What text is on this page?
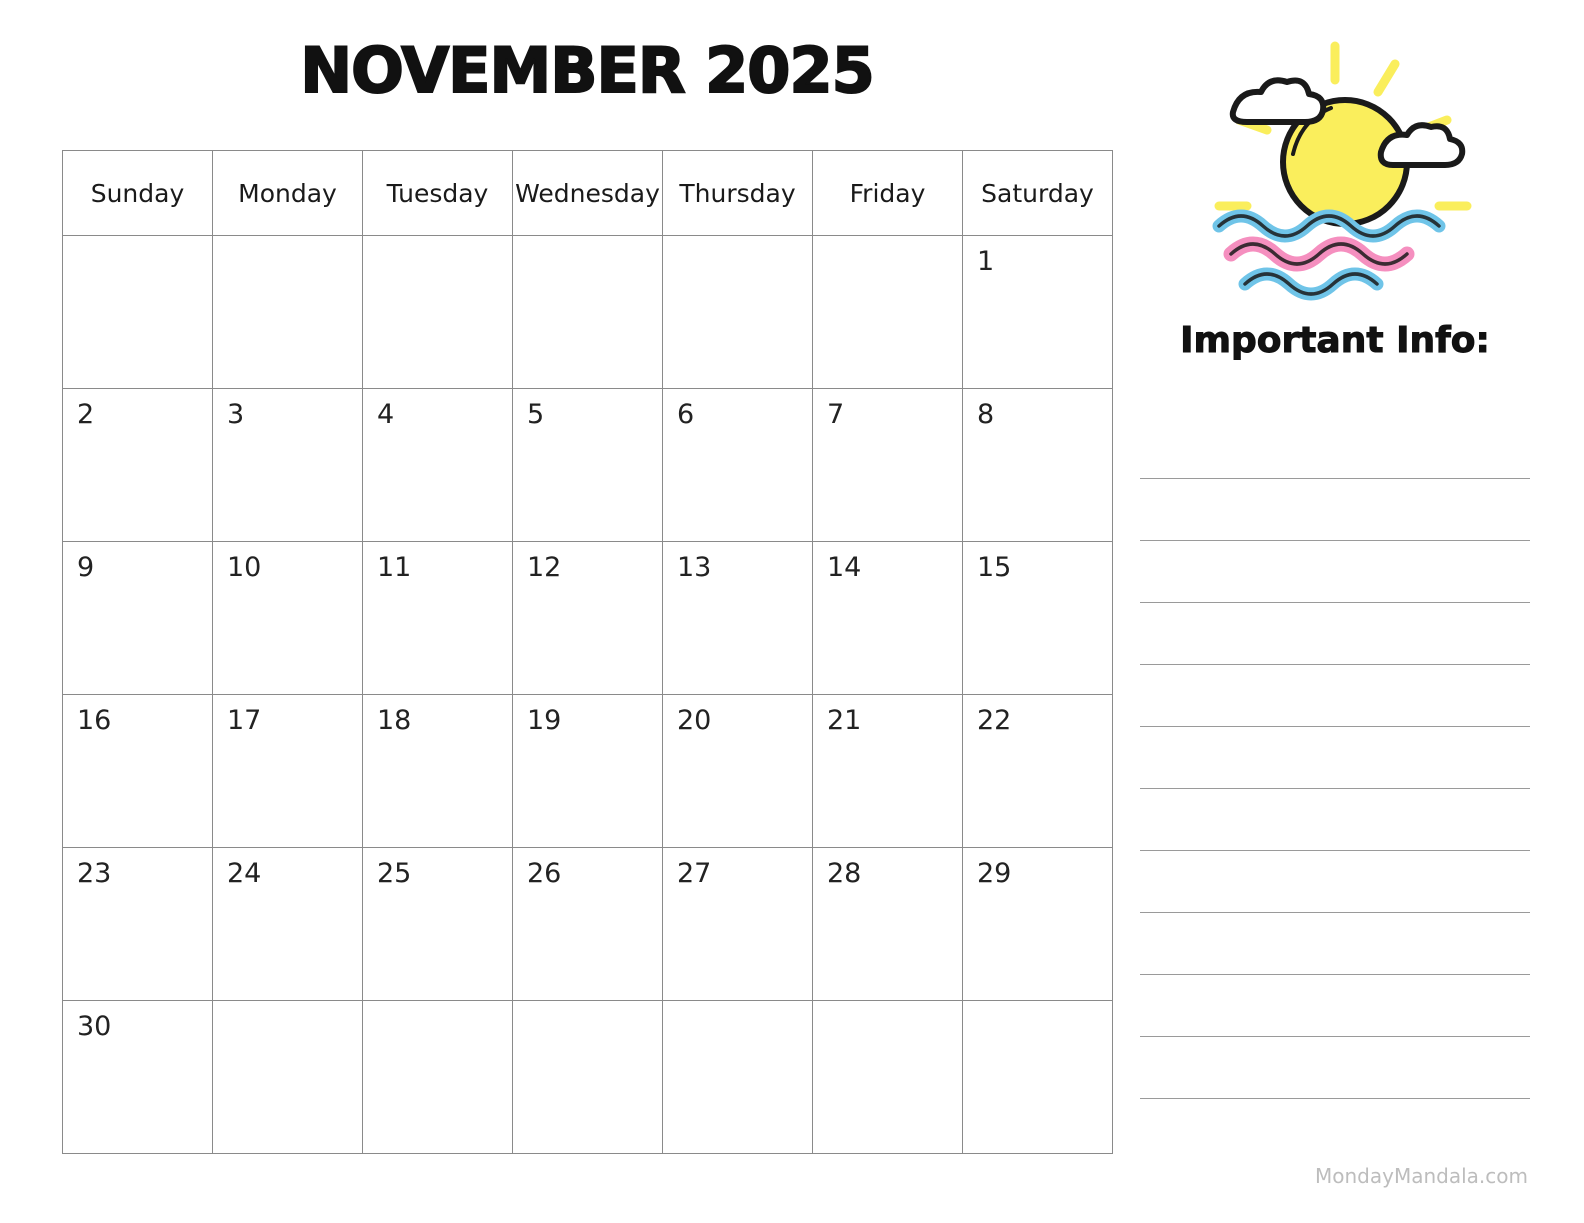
NOVEMBER 2025
Sunday	Monday	Tuesday	Wednesday	Thursday	Friday	Saturday

						1

2	3	4	5	6	7	8

9	10	11	12	13	14	15

16	17	18	19	20	21	22

23	24	25	26	27	28	29

30						

Important Info:
MondayMandala.com
